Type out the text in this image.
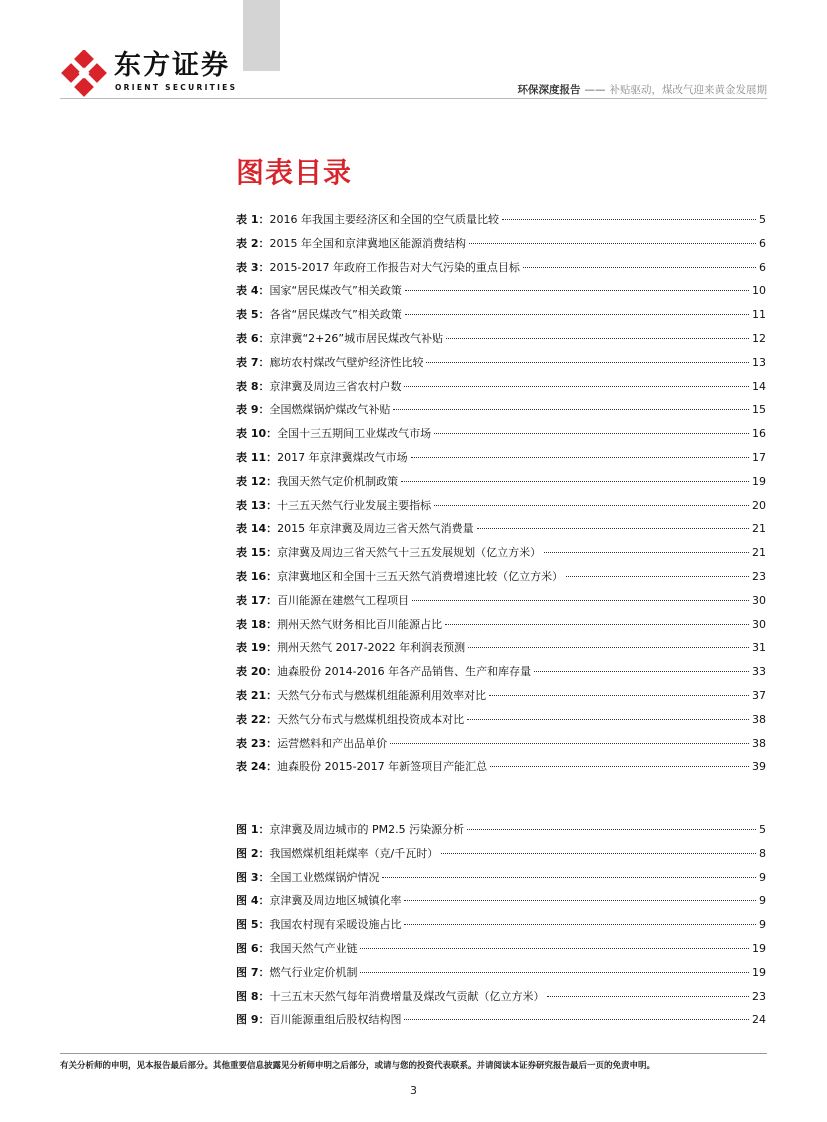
东方证券
ORIENT SECURITIES	环保深度报告 —— 补贴驱动，煤改气迎来黄金发展期
图表目录
表 1： 2016 年我国主要经济区和全国的空气质量比较	5
表 2： 2015 年全国和京津冀地区能源消费结构	6
表 3： 2015-2017 年政府工作报告对大气污染的重点目标	6
表 4： 国家“居民煤改气”相关政策	10
表 5： 各省“居民煤改气”相关政策	11
表 6： 京津冀“2+26”城市居民煤改气补贴	12
表 7： 廊坊农村煤改气壁炉经济性比较	13
表 8： 京津冀及周边三省农村户数	14
表 9： 全国燃煤锅炉煤改气补贴	15
表 10： 全国十三五期间工业煤改气市场	16
表 11： 2017 年京津冀煤改气市场	17
表 12： 我国天然气定价机制政策	19
表 13： 十三五天然气行业发展主要指标	20
表 14： 2015 年京津冀及周边三省天然气消费量	21
表 15： 京津冀及周边三省天然气十三五发展规划（亿立方米）	21
表 16： 京津冀地区和全国十三五天然气消费增速比较（亿立方米）	23
表 17： 百川能源在建燃气工程项目	30
表 18： 荆州天然气财务相比百川能源占比	30
表 19： 荆州天然气 2017-2022 年利润表预测	31
表 20： 迪森股份 2014-2016 年各产品销售、生产和库存量	33
表 21： 天然气分布式与燃煤机组能源利用效率对比	37
表 22： 天然气分布式与燃煤机组投资成本对比	38
表 23： 运营燃料和产出品单价	38
表 24： 迪森股份 2015-2017 年新签项目产能汇总	39
图 1： 京津冀及周边城市的 PM2.5 污染源分析	5
图 2： 我国燃煤机组耗煤率（克/千瓦时）	8
图 3： 全国工业燃煤锅炉情况	9
图 4： 京津冀及周边地区城镇化率	9
图 5： 我国农村现有采暖设施占比	9
图 6： 我国天然气产业链	19
图 7： 燃气行业定价机制	19
图 8： 十三五末天然气每年消费增量及煤改气贡献（亿立方米）	23
图 9： 百川能源重组后股权结构图	24
有关分析师的申明，见本报告最后部分。其他重要信息披露见分析师申明之后部分，或请与您的投资代表联系。并请阅读本证券研究报告最后一页的免责申明。
3
